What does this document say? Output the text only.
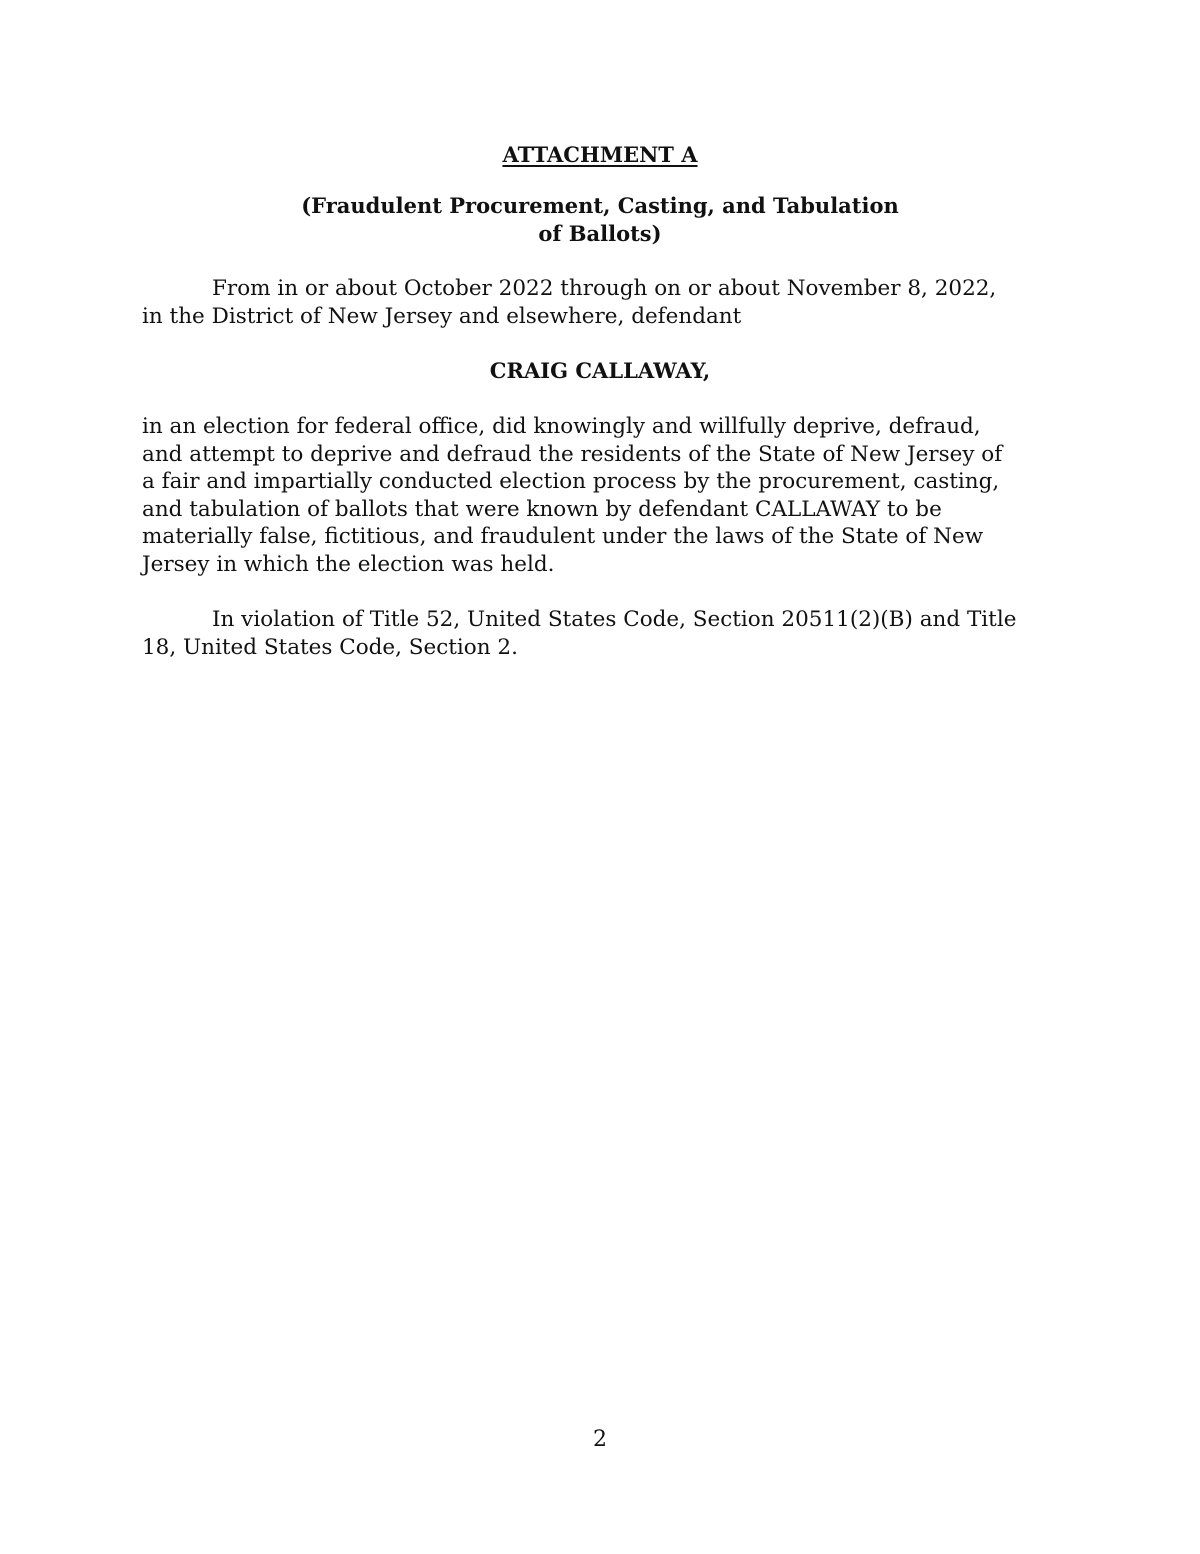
ATTACHMENT A
(Fraudulent Procurement, Casting, and Tabulation
of Ballots)

From in or about October 2022 through on or about November 8, 2022,
in the District of New Jersey and elsewhere, defendant

CRAIG CALLAWAY,

in an election for federal office, did knowingly and willfully deprive, defraud,
and attempt to deprive and defraud the residents of the State of New Jersey of
a fair and impartially conducted election process by the procurement, casting,
and tabulation of ballots that were known by defendant CALLAWAY to be
materially false, fictitious, and fraudulent under the laws of the State of New
Jersey in which the election was held.

In violation of Title 52, United States Code, Section 20511(2)(B) and Title
18, United States Code, Section 2.

2
